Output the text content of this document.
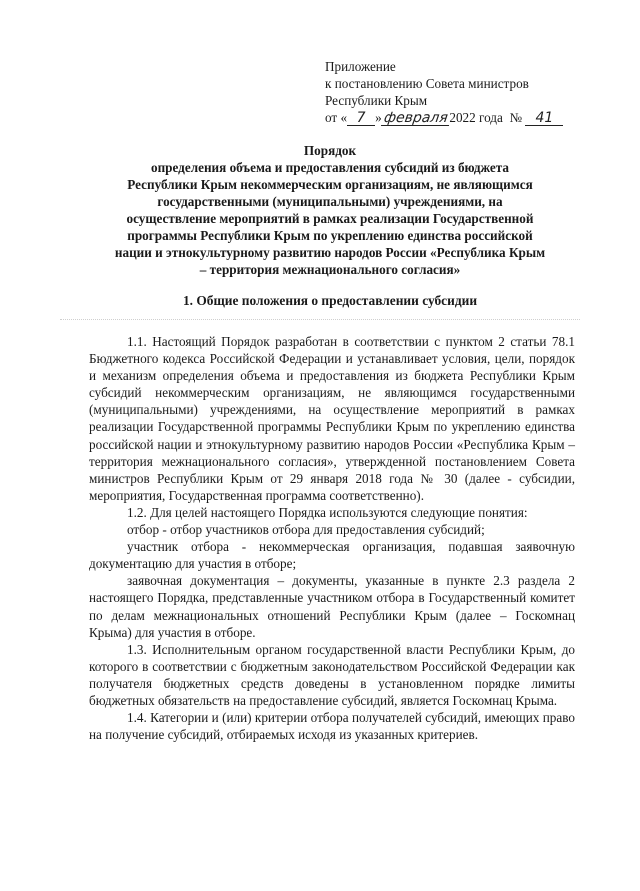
Приложение
к постановлению Совета министров
Республики Крым
от « 7 »февраля2022 года № 41
Порядок
определения объема и предоставления субсидий из бюджета
Республики Крым некоммерческим организациям, не являющимся
государственными (муниципальными) учреждениями, на
осуществление мероприятий в рамках реализации Государственной
программы Республики Крым по укреплению единства российской
нации и этнокультурному развитию народов России «Республика Крым
– территория межнационального согласия»
1. Общие положения о предоставлении субсидии

1.1. Настоящий Порядок разработан в соответствии с пунктом 2 статьи 78.1 Бюджетного кодекса Российской Федерации и устанавливает условия, цели, порядок и механизм определения объема и предоставления из бюджета Республики Крым субсидий некоммерческим организациям, не являющимся государственными (муниципальными) учреждениями, на осуществление мероприятий в рамках реализации Государственной программы Республики Крым по укреплению единства российской нации и этнокультурному развитию народов России «Республика Крым – территория межнационального согласия», утвержденной постановлением Совета министров Республики Крым от 29 января 2018 года № 30 (далее - субсидии, мероприятия, Государственная программа соответственно).

1.2. Для целей настоящего Порядка используются следующие понятия:

отбор - отбор участников отбора для предоставления субсидий;

участник отбора - некоммерческая организация, подавшая заявочную документацию для участия в отборе;

заявочная документация – документы, указанные в пункте 2.3 раздела 2 настоящего Порядка, представленные участником отбора в Государственный комитет по делам межнациональных отношений Республики Крым (далее – Госкомнац Крыма) для участия в отборе.

1.3. Исполнительным органом государственной власти Республики Крым, до которого в соответствии с бюджетным законодательством Российской Федерации как получателя бюджетных средств доведены в установленном порядке лимиты бюджетных обязательств на предоставление субсидий, является Госкомнац Крыма.

1.4. Категории и (или) критерии отбора получателей субсидий, имеющих право на получение субсидий, отбираемых исходя из указанных критериев.
